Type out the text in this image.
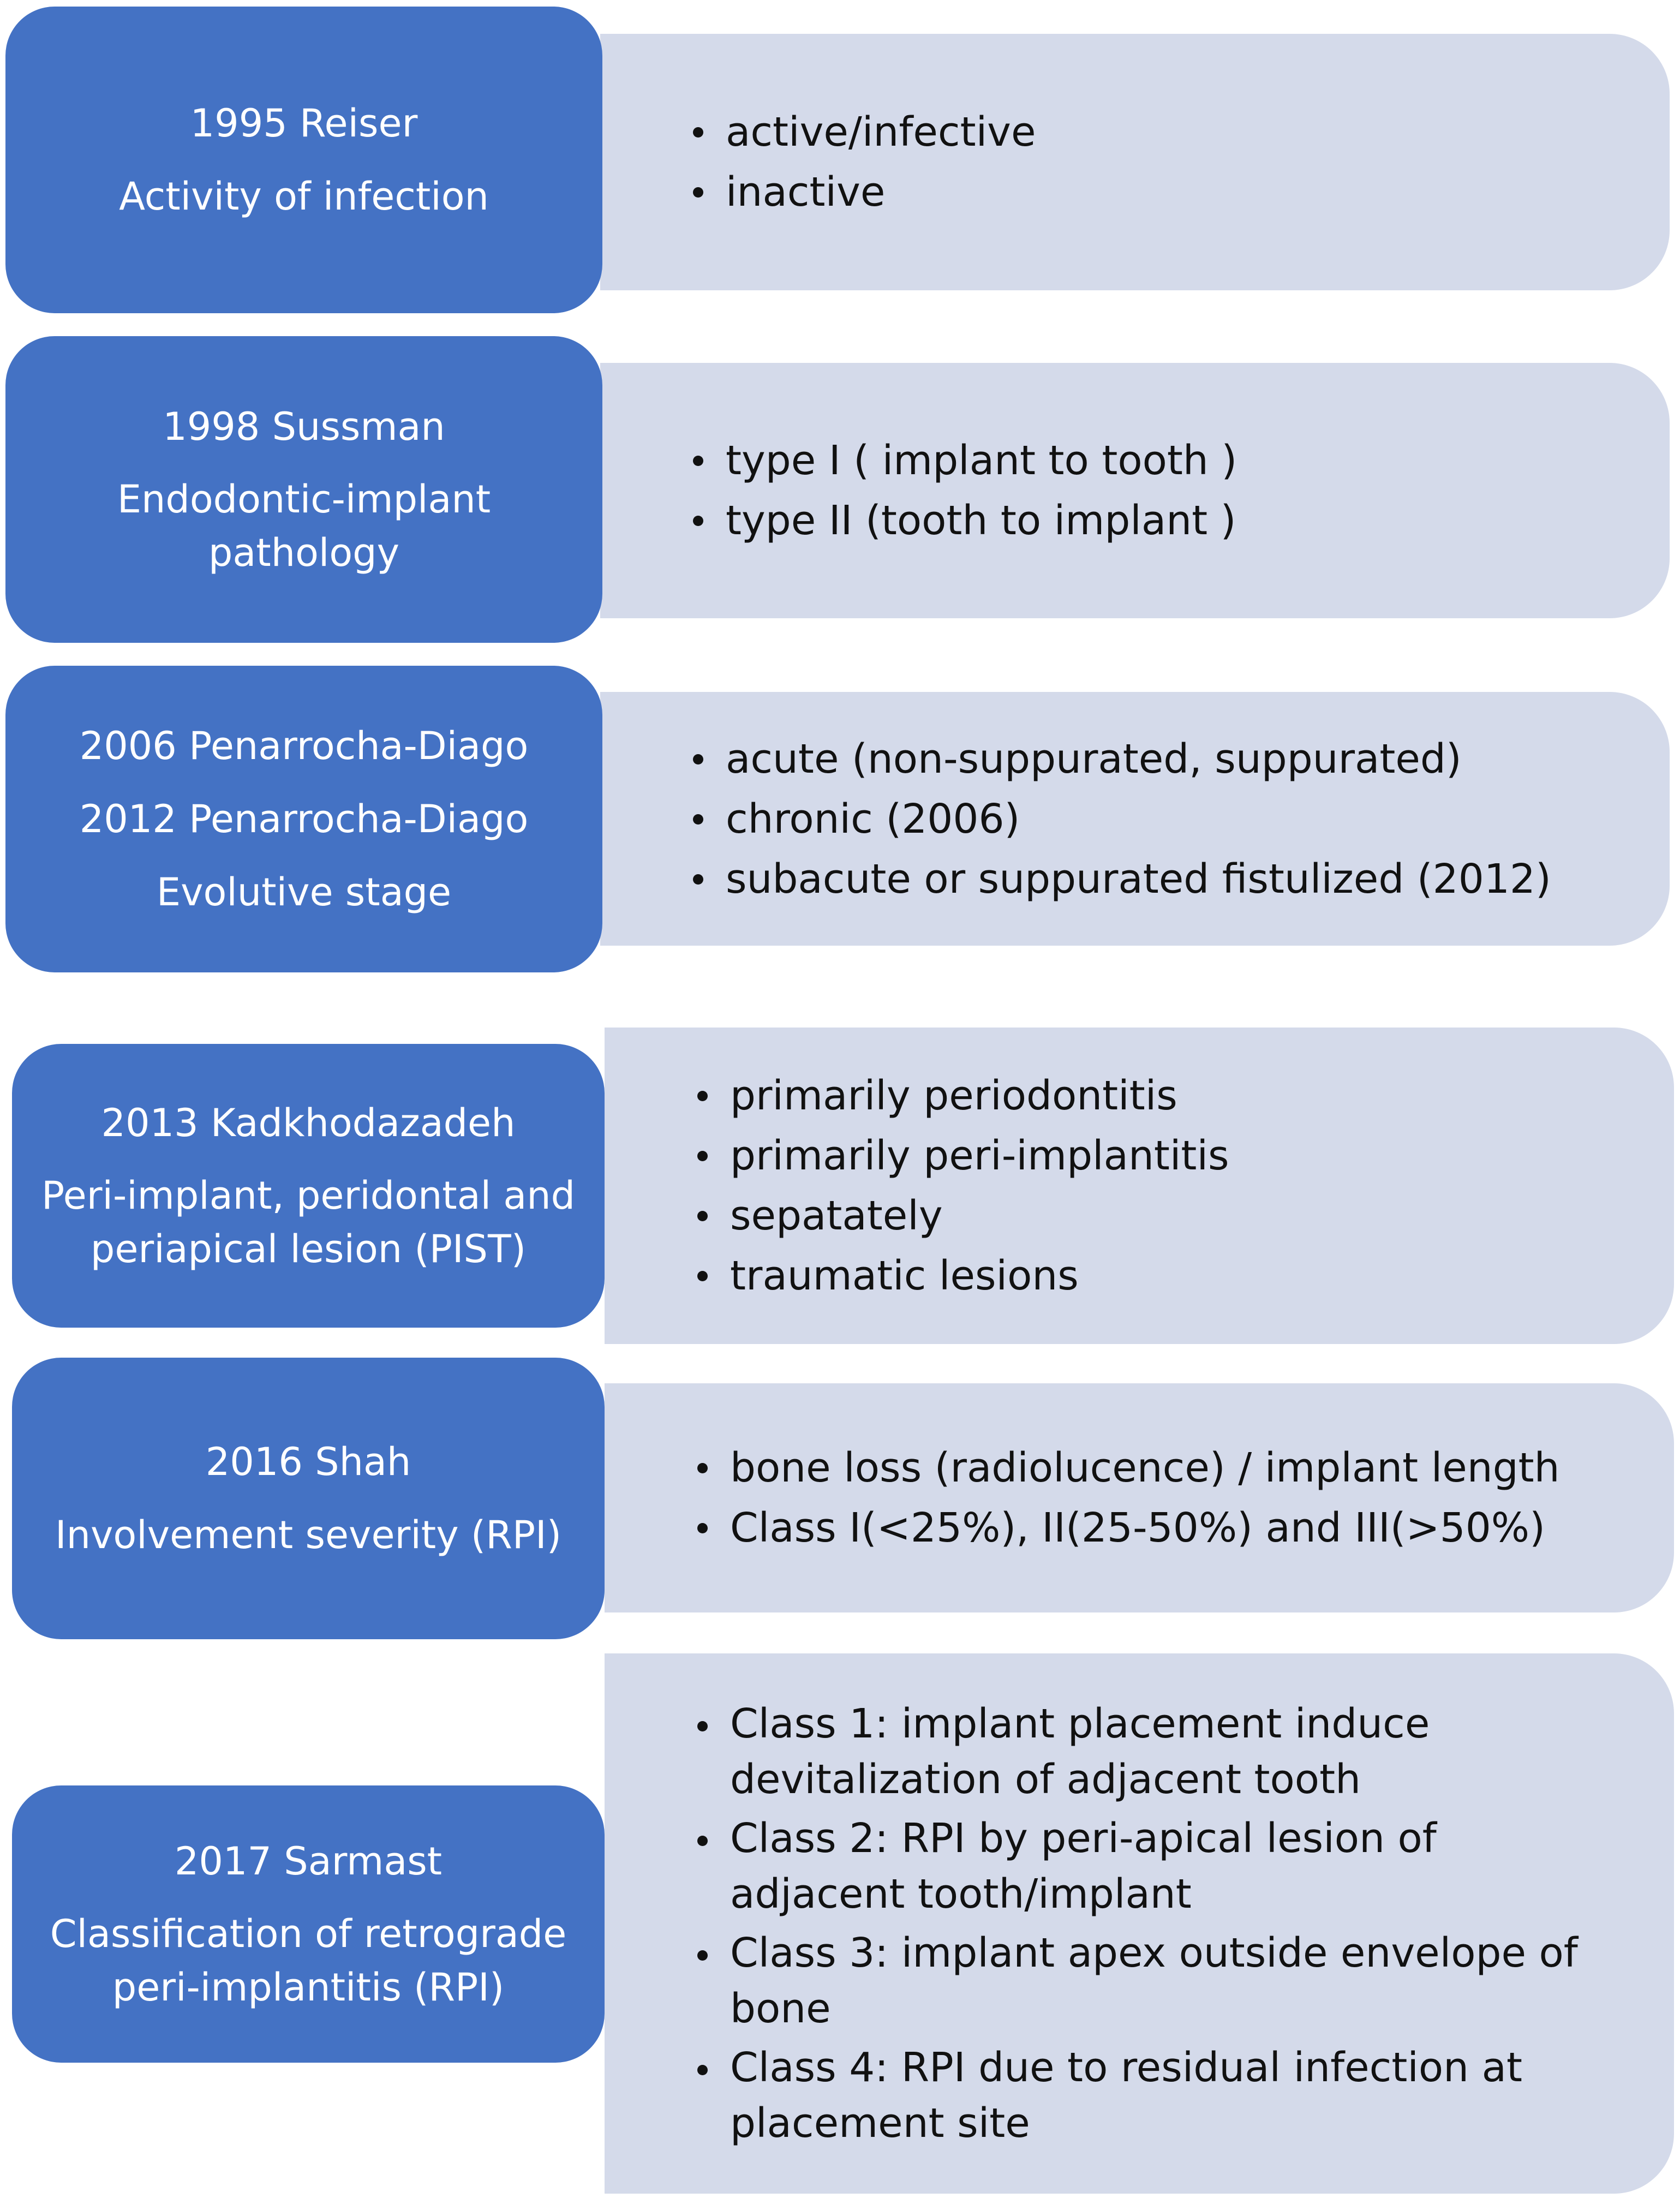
active/infective
inactive
1995 Reiser
Activity of infection
type I ( implant to tooth )
type II (tooth to implant )
1998 Sussman
Endodontic-implant pathology
acute (non-suppurated, suppurated)
chronic (2006)
subacute or suppurated fistulized (2012)
2006 Penarrocha-Diago
2012 Penarrocha-Diago
Evolutive stage
primarily periodontitis
primarily peri-implantitis
sepatately
traumatic lesions
2013 Kadkhodazadeh
Peri-implant, peridontal and periapical lesion (PIST)
bone loss (radiolucence) / implant length
Class I(<25%), II(25-50%) and III(>50%)
2016 Shah
Involvement severity (RPI)
Class 1: implant placement induce devitalization of adjacent tooth
Class 2: RPI by peri-apical lesion of adjacent tooth/implant
Class 3: implant apex outside envelope of bone
Class 4: RPI due to residual infection at placement site
2017 Sarmast
Classification of retrograde peri-implantitis (RPI)
